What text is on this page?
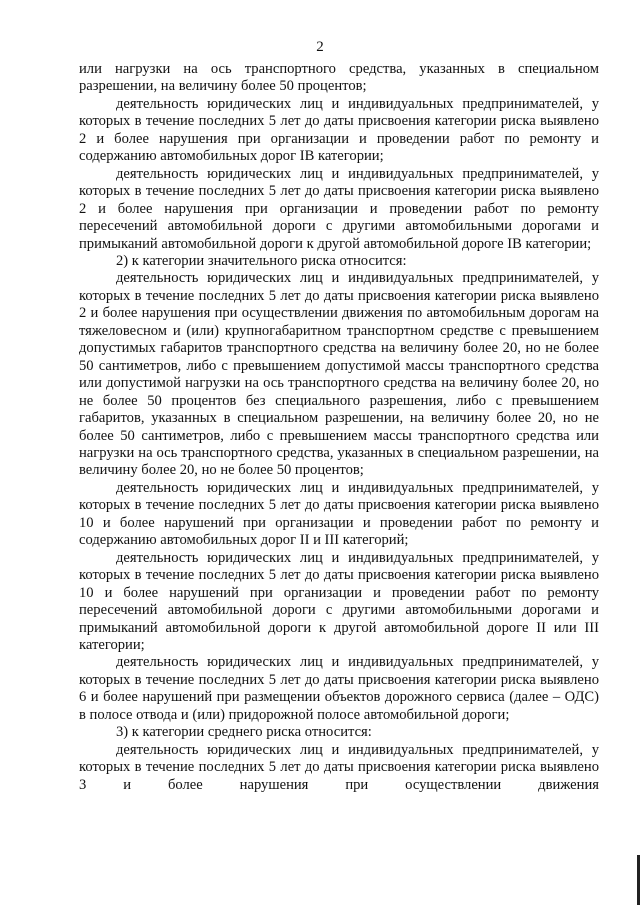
2

или нагрузки на ось транспортного средства, указанных в специальном разрешении, на величину более 50 процентов;

деятельность юридических лиц и индивидуальных предпринимателей, у которых в течение последних 5 лет до даты присвоения категории риска выявлено 2 и более нарушения при организации и проведении работ по ремонту и содержанию автомобильных дорог IB категории;

деятельность юридических лиц и индивидуальных предпринимателей, у которых в течение последних 5 лет до даты присвоения категории риска выявлено 2 и более нарушения при организации и проведении работ по ремонту пересечений автомобильной дороги с другими автомобильными дорогами и примыканий автомобильной дороги к другой автомобильной дороге IB категории;

2) к категории значительного риска относится:

деятельность юридических лиц и индивидуальных предпринимателей, у которых в течение последних 5 лет до даты присвоения категории риска выявлено 2 и более нарушения при осуществлении движения по автомобильным дорогам на тяжеловесном и (или) крупногабаритном транспортном средстве с превышением допустимых габаритов транспортного средства на величину более 20, но не более 50 сантиметров, либо с превышением допустимой массы транспортного средства или допустимой нагрузки на ось транспортного средства на величину более 20, но не более 50 процентов без специального разрешения, либо с превышением габаритов, указанных в специальном разрешении, на величину более 20, но не более 50 сантиметров, либо с превышением массы транспортного средства или нагрузки на ось транспортного средства, указанных в специальном разрешении, на величину более 20, но не более 50 процентов;

деятельность юридических лиц и индивидуальных предпринимателей, у которых в течение последних 5 лет до даты присвоения категории риска выявлено 10 и более нарушений при организации и проведении работ по ремонту и содержанию автомобильных дорог II и III категорий;

деятельность юридических лиц и индивидуальных предпринимателей, у которых в течение последних 5 лет до даты присвоения категории риска выявлено 10 и более нарушений при организации и проведении работ по ремонту пересечений автомобильной дороги с другими автомобильными дорогами и примыканий автомобильной дороги к другой автомобильной дороге II или III категории;

деятельность юридических лиц и индивидуальных предпринимателей, у которых в течение последних 5 лет до даты присвоения категории риска выявлено 6 и более нарушений при размещении объектов дорожного сервиса (далее – ОДС) в полосе отвода и (или) придорожной полосе автомобильной дороги;

3) к категории среднего риска относится:

деятельность юридических лиц и индивидуальных предпринимателей, у которых в течение последних 5 лет до даты присвоения категории риска выявлено 3 и более нарушения при осуществлении движения
